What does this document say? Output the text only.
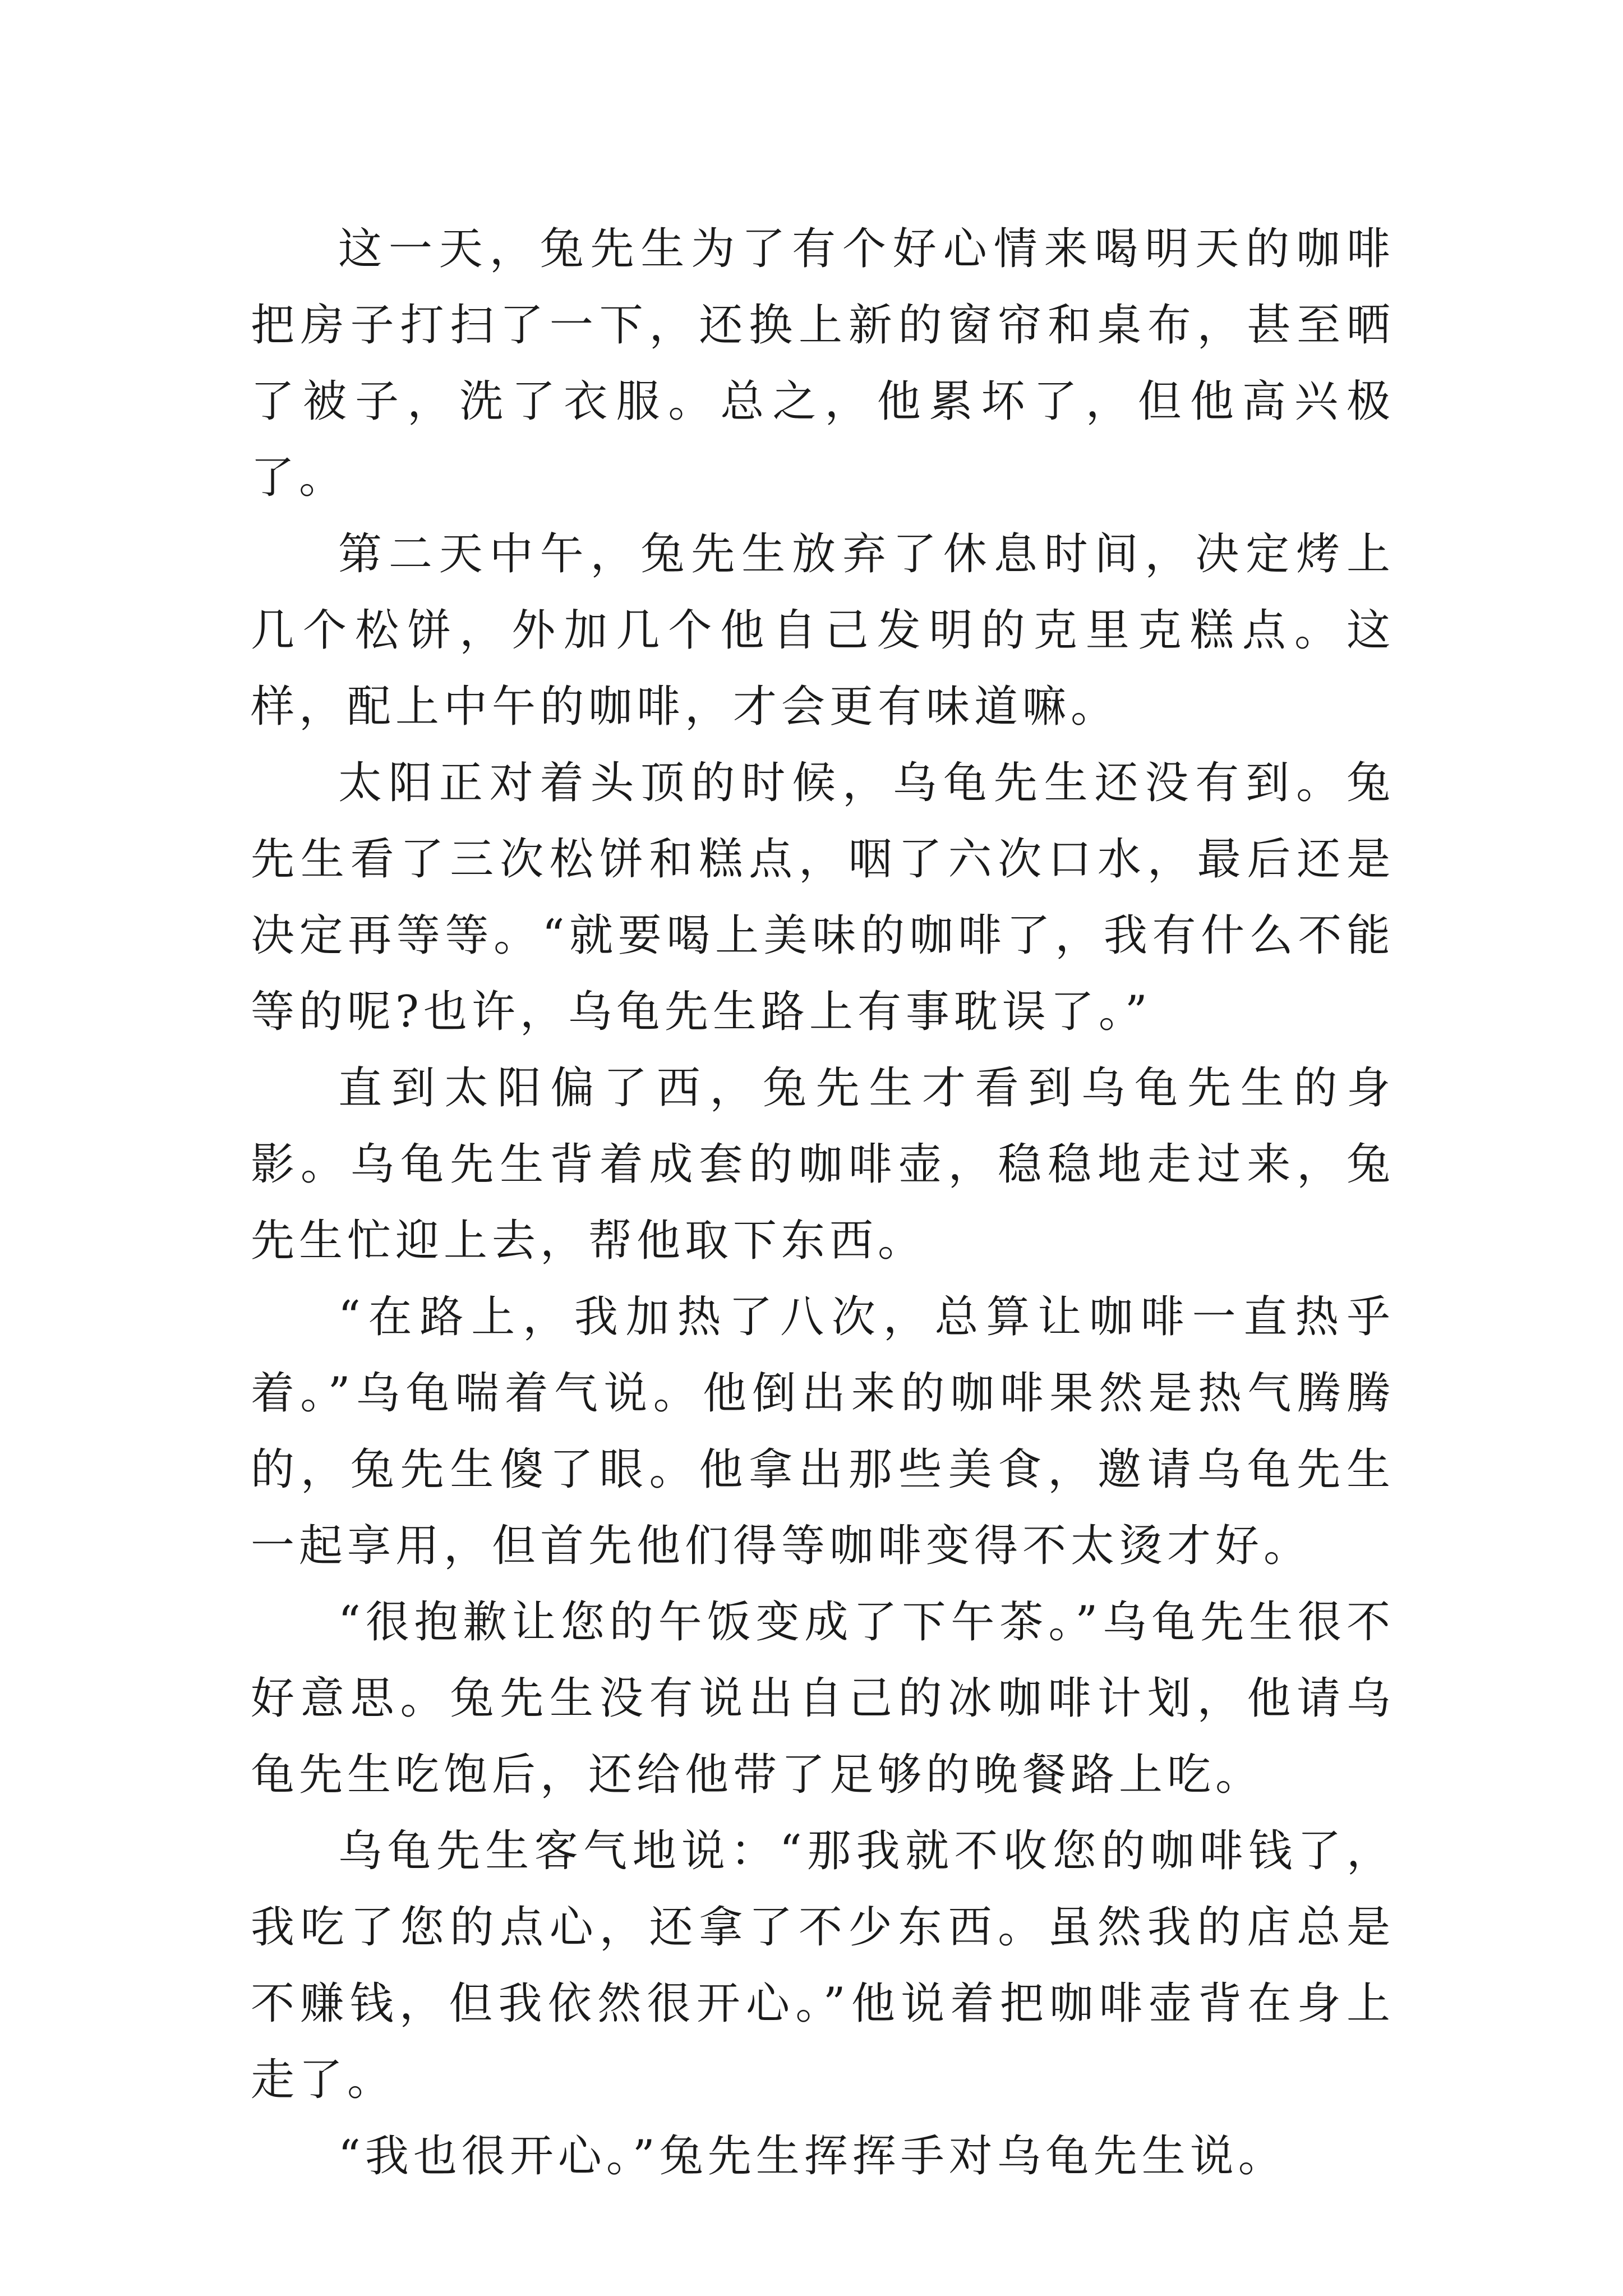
这一天，兔先生为了有个好心情来喝明天的咖啡把房子打扫了一下，还换上新的窗帘和桌布，甚至晒了被子，洗了衣服。总之，他累坏了，但他高兴极了。

第二天中午，兔先生放弃了休息时间，决定烤上几个松饼，外加几个他自己发明的克里克糕点。这样，配上中午的咖啡，才会更有味道嘛。

太阳正对着头顶的时候，乌龟先生还没有到。兔先生看了三次松饼和糕点，咽了六次口水，最后还是决定再等等。“就要喝上美味的咖啡了，我有什么不能等的呢?也许，乌龟先生路上有事耽误了。”

直到太阳偏了西，兔先生才看到乌龟先生的身影。乌龟先生背着成套的咖啡壶，稳稳地走过来，兔先生忙迎上去，帮他取下东西。

“在路上，我加热了八次，总算让咖啡一直热乎着。”乌龟喘着气说。他倒出来的咖啡果然是热气腾腾的，兔先生傻了眼。他拿出那些美食，邀请乌龟先生一起享用，但首先他们得等咖啡变得不太烫才好。

“很抱歉让您的午饭变成了下午茶。”乌龟先生很不好意思。兔先生没有说出自己的冰咖啡计划，他请乌龟先生吃饱后，还给他带了足够的晚餐路上吃。

乌龟先生客气地说：“那我就不收您的咖啡钱了，我吃了您的点心，还拿了不少东西。虽然我的店总是不赚钱，但我依然很开心。”他说着把咖啡壶背在身上走了。

“我也很开心。”兔先生挥挥手对乌龟先生说。
